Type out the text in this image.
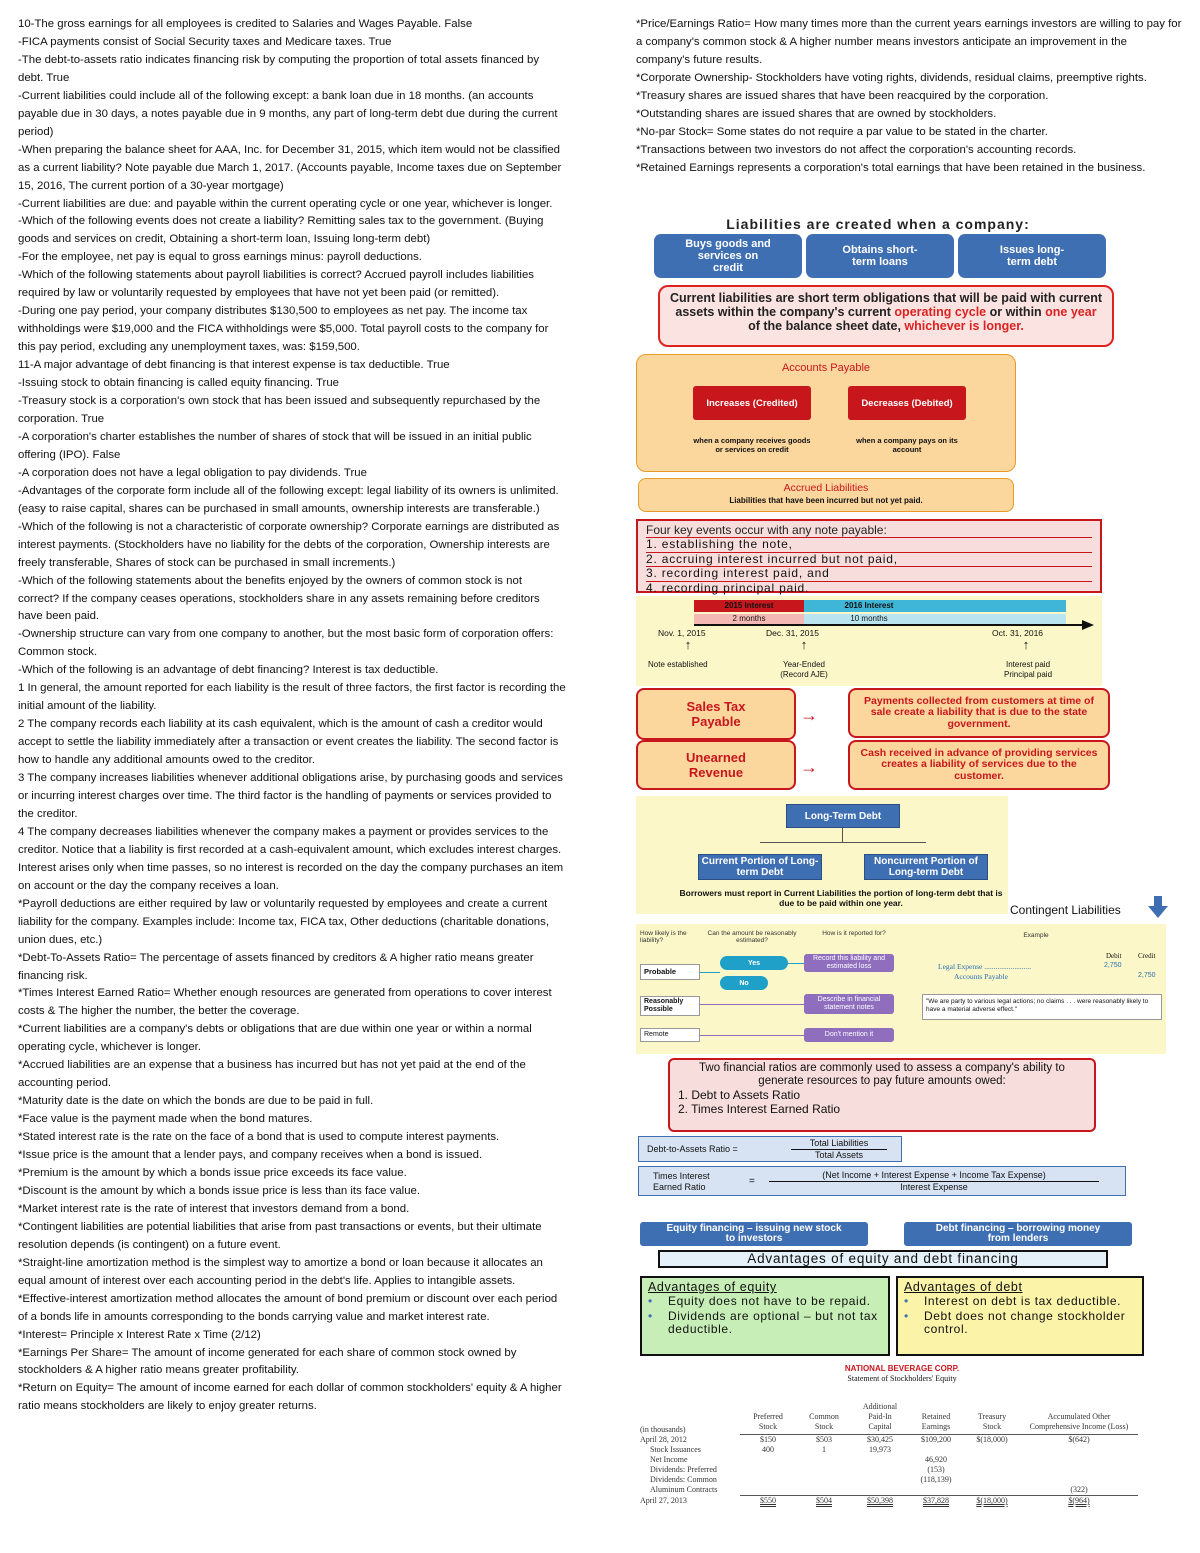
10-The gross earnings for all employees is credited to Salaries and Wages Payable. False

-FICA payments consist of Social Security taxes and Medicare taxes. True

-The debt-to-assets ratio indicates financing risk by computing the proportion of total assets financed by debt. True

-Current liabilities could include all of the following except: a bank loan due in 18 months. (an accounts payable due in 30 days, a notes payable due in 9 months, any part of long-term debt due during the current period)

-When preparing the balance sheet for AAA, Inc. for December 31, 2015, which item would not be classified as a current liability? Note payable due March 1, 2017. (Accounts payable, Income taxes due on September 15, 2016, The current portion of a 30-year mortgage)

-Current liabilities are due: and payable within the current operating cycle or one year, whichever is longer.

-Which of the following events does not create a liability? Remitting sales tax to the government. (Buying goods and services on credit, Obtaining a short-term loan, Issuing long-term debt)

-For the employee, net pay is equal to gross earnings minus: payroll deductions.

-Which of the following statements about payroll liabilities is correct? Accrued payroll includes liabilities required by law or voluntarily requested by employees that have not yet been paid (or remitted).

-During one pay period, your company distributes $130,500 to employees as net pay. The income tax withholdings were $19,000 and the FICA withholdings were $5,000. Total payroll costs to the company for this pay period, excluding any unemployment taxes, was: $159,500.

11-A major advantage of debt financing is that interest expense is tax deductible. True

-Issuing stock to obtain financing is called equity financing. True

-Treasury stock is a corporation's own stock that has been issued and subsequently repurchased by the corporation. True

-A corporation's charter establishes the number of shares of stock that will be issued in an initial public offering (IPO). False

-A corporation does not have a legal obligation to pay dividends. True

-Advantages of the corporate form include all of the following except: legal liability of its owners is unlimited. (easy to raise capital, shares can be purchased in small amounts, ownership interests are transferable.)

-Which of the following is not a characteristic of corporate ownership? Corporate earnings are distributed as interest payments. (Stockholders have no liability for the debts of the corporation, Ownership interests are freely transferable, Shares of stock can be purchased in small increments.)

-Which of the following statements about the benefits enjoyed by the owners of common stock is not correct? If the company ceases operations, stockholders share in any assets remaining before creditors have been paid.

-Ownership structure can vary from one company to another, but the most basic form of corporation offers: Common stock.

-Which of the following is an advantage of debt financing? Interest is tax deductible.

1 In general, the amount reported for each liability is the result of three factors, the first factor is recording the initial amount of the liability.

2 The company records each liability at its cash equivalent, which is the amount of cash a creditor would accept to settle the liability immediately after a transaction or event creates the liability. The second factor is how to handle any additional amounts owed to the creditor.

3 The company increases liabilities whenever additional obligations arise, by purchasing goods and services or incurring interest charges over time. The third factor is the handling of payments or services provided to the creditor.

4 The company decreases liabilities whenever the company makes a payment or provides services to the creditor. Notice that a liability is first recorded at a cash-equivalent amount, which excludes interest charges. Interest arises only when time passes, so no interest is recorded on the day the company purchases an item on account or the day the company receives a loan.

*Payroll deductions are either required by law or voluntarily requested by employees and create a current liability for the company. Examples include: Income tax, FICA tax, Other deductions (charitable donations, union dues, etc.)

*Debt-To-Assets Ratio= The percentage of assets financed by creditors & A higher ratio means greater financing risk.

*Times Interest Earned Ratio= Whether enough resources are generated from operations to cover interest costs & The higher the number, the better the coverage.

*Current liabilities are a company's debts or obligations that are due within one year or within a normal operating cycle, whichever is longer.

*Accrued liabilities are an expense that a business has incurred but has not yet paid at the end of the accounting period.

*Maturity date is the date on which the bonds are due to be paid in full.

*Face value is the payment made when the bond matures.

*Stated interest rate is the rate on the face of a bond that is used to compute interest payments.

*Issue price is the amount that a lender pays, and company receives when a bond is issued.

*Premium is the amount by which a bonds issue price exceeds its face value.

*Discount is the amount by which a bonds issue price is less than its face value.

*Market interest rate is the rate of interest that investors demand from a bond.

*Contingent liabilities are potential liabilities that arise from past transactions or events, but their ultimate resolution depends (is contingent) on a future event.

*Straight-line amortization method is the simplest way to amortize a bond or loan because it allocates an equal amount of interest over each accounting period in the debt's life. Applies to intangible assets.

*Effective-interest amortization method allocates the amount of bond premium or discount over each period of a bonds life in amounts corresponding to the bonds carrying value and market interest rate.

*Interest= Principle x Interest Rate x Time (2/12)

*Earnings Per Share= The amount of income generated for each share of common stock owned by stockholders & A higher ratio means greater profitability.

*Return on Equity= The amount of income earned for each dollar of common stockholders' equity & A higher ratio means stockholders are likely to enjoy greater returns.

*Price/Earnings Ratio= How many times more than the current years earnings investors are willing to pay for a company's common stock & A higher number means investors anticipate an improvement in the company's future results.

*Corporate Ownership- Stockholders have voting rights, dividends, residual claims, preemptive rights.

*Treasury shares are issued shares that have been reacquired by the corporation.

*Outstanding shares are issued shares that are owned by stockholders.

*No-par Stock= Some states do not require a par value to be stated in the charter.

*Transactions between two investors do not affect the corporation's accounting records.

*Retained Earnings represents a corporation's total earnings that have been retained in the business.

Liabilities are created when a company:
Buys goods and services on credit
Obtains short-term loans
Issues long-term debt
Current liabilities are short term obligations that will be paid with current assets within the company's current operating cycle or within one year of the balance sheet date, whichever is longer.
Accounts Payable
Increases (Credited)	Decreases (Debited)
when a company receives goods or services on credit
when a company pays on its account
Accrued Liabilities
Liabilities that have been incurred but not yet paid.
Four key events occur with any note payable:
1. establishing the note,
2. accruing interest incurred but not paid,
3. recording interest paid, and
4. recording principal paid.
2015 Interest	2016 Interest
2 months	10 months
Nov. 1, 2015	Dec. 31, 2015	Oct. 31, 2016
↑	↑	↑
Note established	Year-Ended
(Record AJE)
Interest paid
Principal paid
Sales Tax Payable	→
Payments collected from customers at time of sale create a liability that is due to the state government.
Unearned Revenue	→
Cash received in advance of providing services creates a liability of services due to the customer.
Long-Term Debt
Current Portion of Long-term Debt
Noncurrent Portion of Long-term Debt
Borrowers must report in Current Liabilities the portion of long-term debt that is due to be paid within one year.	Contingent Liabilities
How likely is the liability?
Can the amount be reasonably estimated?
How is it reported for?	Example
Probable
Yes
No
Record this liability and estimated loss
Describe in financial statement notes
Don't mention it
Reasonably Possible
Remote
Debit Credit
Legal Expense .........................
Accounts Payable
2,750
2,750
"We are party to various legal actions; no claims . . . were reasonably likely to have a material adverse effect."
Two financial ratios are commonly used to assess a company's ability to generate resources to pay future amounts owed:
1. Debt to Assets Ratio
2. Times Interest Earned Ratio
Debt-to-Assets Ratio =
Total Liabilities
Total Assets
Times Interest Earned Ratio	=
(Net Income + Interest Expense + Income Tax Expense)
Interest Expense
Equity financing – issuing new stock to investors
Debt financing – borrowing money from lenders
Advantages of equity and debt financing
Advantages of equity
•	Equity does not have to be repaid.
•	Dividends are optional – but not tax deductible.
Advantages of debt
•	Interest on debt is tax deductible.
•	Debt does not change stockholder control.
NATIONAL BEVERAGE CORP.
Statement of Stockholders' Equity
(in thousands)	Preferred Stock	Common Stock	Additional Paid-In Capital	Retained Earnings	Treasury Stock	Accumulated Other Comprehensive Income (Loss)
April 28, 2012	$150	$503	$30,425	$109,200	$(18,000)	$(642)
Stock Issuances	400	1	19,973			
Net Income				46,920		
Dividends: Preferred				(153)		
Dividends: Common				(118,139)		
Aluminum Contracts						(322)
April 27, 2013	$550	$504	$50,398	$37,828	$(18,000)	$(964)
